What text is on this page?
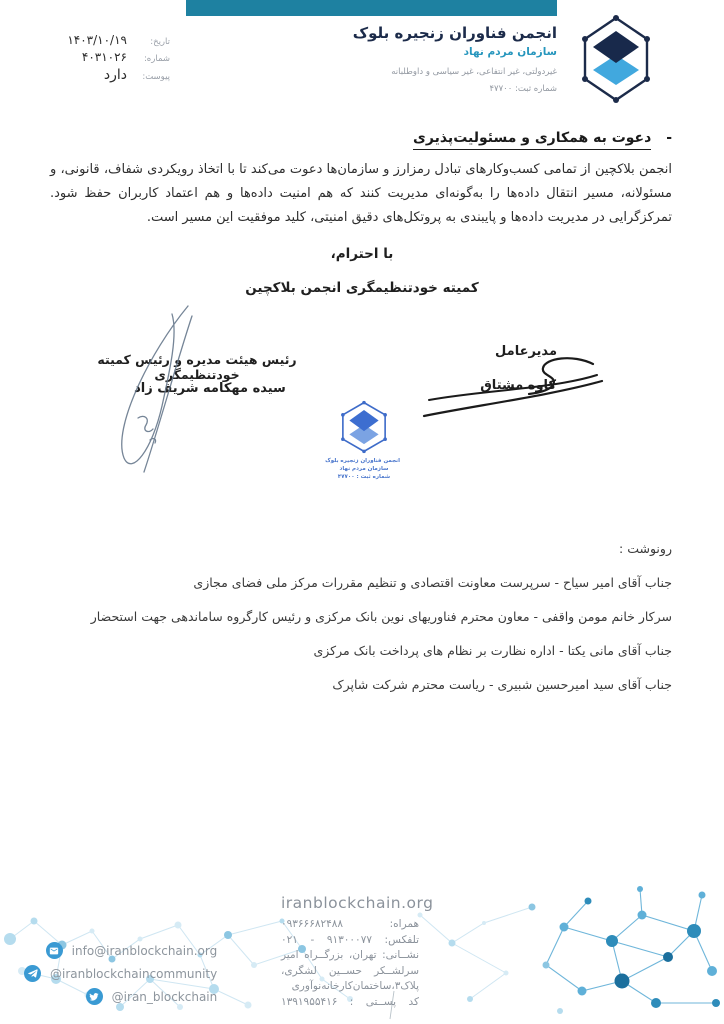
انجمن فناوران زنجیره بلوک
سازمان مردم نهاد
غیردولتی، غیر انتفاعی، غیر سیاسی و داوطلبانه
شماره ثبت: ۴۷۷۰۰
تاریخ:
۱۴۰۳/۱۰/۱۹
شماره:
۴۰۳۱۰۲۶
پیوست:
دارد
- دعوت به همکاری و مسئولیت‌پذیری

انجمن بلاکچین از تمامی کسب‌وکارهای تبادل رمزارز و سازمان‌ها دعوت می‌کند تا با اتخاذ رویکردی شفاف، قانونی، و مسئولانه، مسیر انتقال داده‌ها را به‌گونه‌ای مدیریت کنند که هم امنیت داده‌ها و هم اعتماد کاربران حفظ شود. تمرکزگرایی در مدیریت داده‌ها و پایبندی به پروتکل‌های دقیق امنیتی، کلید موفقیت این مسیر است.

با احترام،
کمیته خودتنظیمگری انجمن بلاکچین
مدیرعامل
کاوه مشتاق
رئیس هیئت مدیره و رئیس کمیته خودتنظیمگری
سیده مهکامه شریف زاد
انجمن فناوران زنجیره بلوک
سازمان مردم نهاد
شماره ثبت : ۴۷۷۰۰
رونوشت :
جناب آقای امیر سیاح - سرپرست معاونت اقتصادی و تنظیم مقررات مرکز ملی فضای مجازی
سرکار خانم مومن واقفی - معاون محترم فناوریهای نوین بانک مرکزی و رئیس کارگروه ساماندهی جهت استحضار
جناب آقای مانی یکتا - اداره نظارت بر نظام های پرداخت بانک مرکزی
جناب آقای سید امیرحسین شبیری - ریاست محترم شرکت شاپرک
iranblockchain.org
همراه: ۰۹۳۶۶۶۸۲۴۸۸
تلفکس: ۹۱۳۰۰۰۷۷ - ۰۲۱
نشــانی: تهران، بزرگــراه امیر
سرلشــکر حســین لشگری،
پلاک۳،ساختمان‌کارخانه‌نوآوری
کد پســتی : ۱۳۹۱۹۵۵۴۱۶
info@iranblockchain.org
@iranblockchaincommunity
@iran_blockchain
